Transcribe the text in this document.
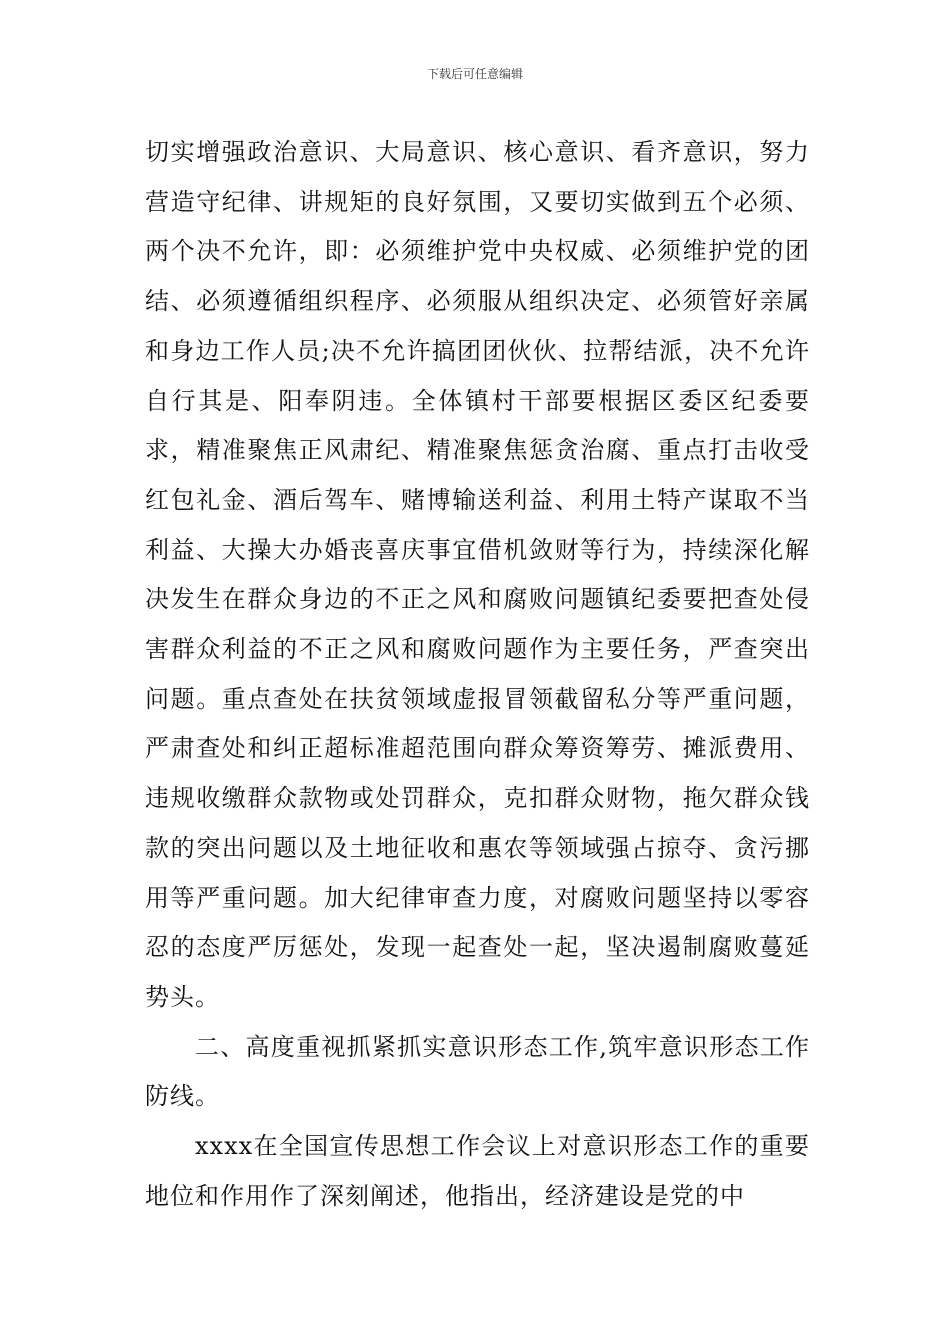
下载后可任意编辑

切实增强政治意识、大局意识、核心意识、看齐意识，努力营造守纪律、讲规矩的良好氛围，又要切实做到五个必须、两个决不允许，即：必须维护党中央权威、必须维护党的团结、必须遵循组织程序、必须服从组织决定、必须管好亲属和身边工作人员;决不允许搞团团伙伙、拉帮结派，决不允许自行其是、阳奉阴违。全体镇村干部要根据区委区纪委要求，精准聚焦正风肃纪、精准聚焦惩贪治腐、重点打击收受红包礼金、酒后驾车、赌博输送利益、利用土特产谋取不当利益、大操大办婚丧喜庆事宜借机敛财等行为，持续深化解决发生在群众身边的不正之风和腐败问题镇纪委要把查处侵害群众利益的不正之风和腐败问题作为主要任务，严查突出问题。重点查处在扶贫领域虚报冒领截留私分等严重问题，严肃查处和纠正超标准超范围向群众筹资筹劳、摊派费用、违规收缴群众款物或处罚群众，克扣群众财物，拖欠群众钱款的突出问题以及土地征收和惠农等领域强占掠夺、贪污挪用等严重问题。加大纪律审查力度，对腐败问题坚持以零容忍的态度严厉惩处，发现一起查处一起，坚决遏制腐败蔓延势头。

二、高度重视抓紧抓实意识形态工作,筑牢意识形态工作防线。

xxxx在全国宣传思想工作会议上对意识形态工作的重要地位和作用作了深刻阐述，他指出，经济建设是党的中
